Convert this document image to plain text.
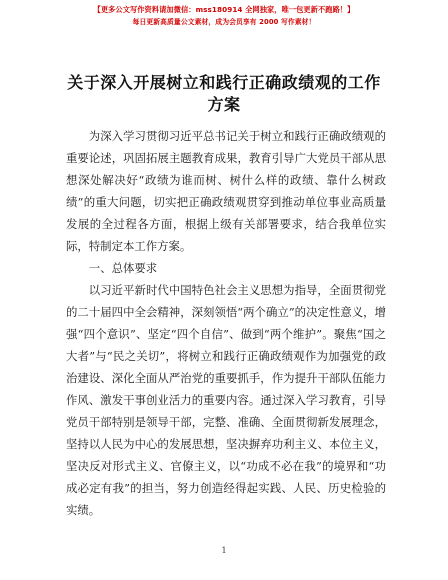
【更多公文写作资料请加微信：mss180914 全网独家，唯一包更新不跑路！】
每日更新高质量公文素材，成为会员享有 2000 写作素材！
关于深入开展树立和践行正确政绩观的工作方案

为深入学习贯彻习近平总书记关于树立和践行正确政绩观的重要论述，巩固拓展主题教育成果，教育引导广大党员干部从思想深处解决好“政绩为谁而树、树什么样的政绩、靠什么树政绩”的重大问题，切实把正确政绩观贯穿到推动单位事业高质量发展的全过程各方面，根据上级有关部署要求，结合我单位实际，特制定本工作方案。

一、总体要求

以习近平新时代中国特色社会主义思想为指导，全面贯彻党的二十届四中全会精神，深刻领悟“两个确立”的决定性意义，增强“四个意识”、坚定“四个自信”、做到“两个维护”。聚焦“国之大者”与“民之关切”，将树立和践行正确政绩观作为加强党的政治建设、深化全面从严治党的重要抓手，作为提升干部队伍能力作风、激发干事创业活力的重要内容。通过深入学习教育，引导党员干部特别是领导干部，完整、准确、全面贯彻新发展理念，坚持以人民为中心的发展思想，坚决摒弃功利主义、本位主义，坚决反对形式主义、官僚主义，以“功成不必在我”的境界和“功成必定有我”的担当，努力创造经得起实践、人民、历史检验的实绩。

1
